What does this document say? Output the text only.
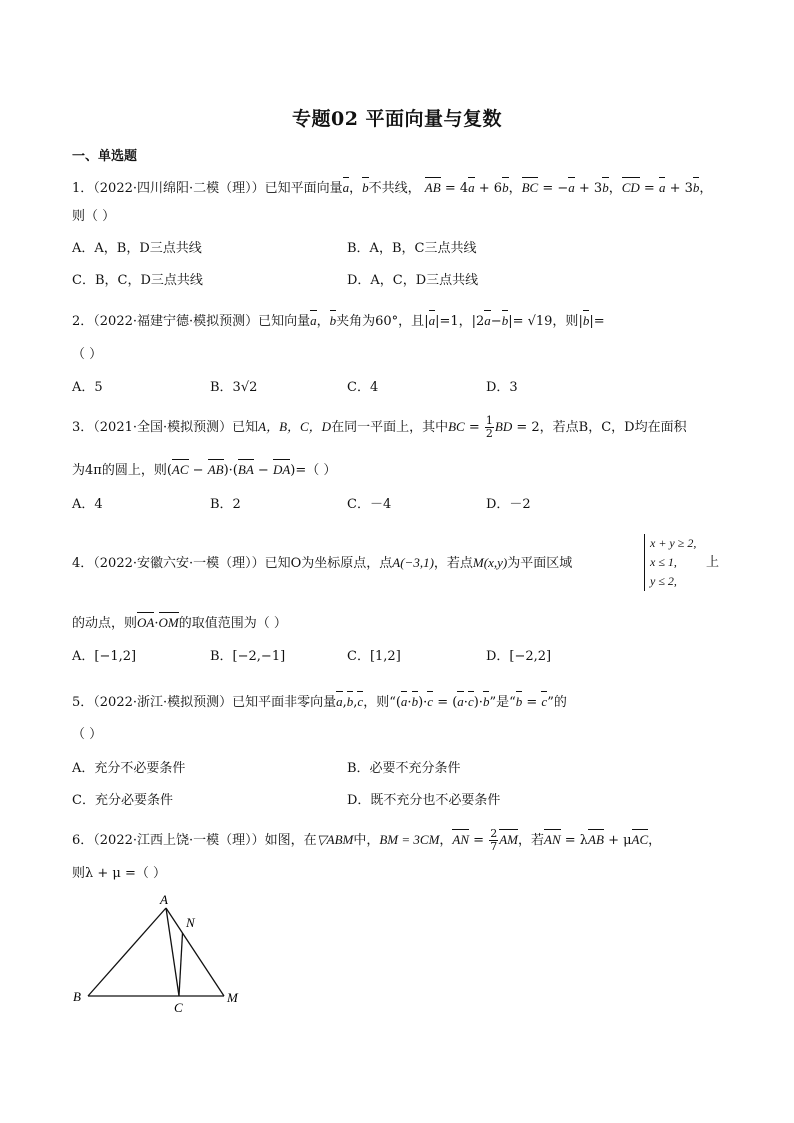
专题02 平面向量与复数
一、单选题
1．（2022·四川绵阳·二模（理））已知平面向量a，b不共线， AB = 4a + 6b，BC = −a + 3b，CD = a + 3b，
则（ ）
A．A，B，D三点共线	B．A，B，C三点共线
C．B，C，D三点共线	D．A，C，D三点共线
2．（2022·福建宁德·模拟预测）已知向量a，b夹角为60°，且|a|=1，|2a−b|= √19，则|b|=
（ ）
A．5	B．3√2	C．4	D．3
3．（2021·全国·模拟预测）已知A，B，C，D在同一平面上，其中BC = $\frac{1}{2}$ BD = 2，若点B，C，D均在面积
为4π的圆上，则(AC − AB)·(BA − DA)=（ ）
A．4	B．2	C．－4	D．－2
4．（2022·安徽六安·一模（理））已知O为坐标原点，点A(−3,1)，若点M(x,y)为平面区域
x + y ≥ 2,
x ≤ 1,
y ≤ 2,
上
的动点，则OA·OM的取值范围为（ ）
A．[−1,2]	B．[−2,−1]	C．[1,2]	D．[−2,2]
5．（2022·浙江·模拟预测）已知平面非零向量a,b,c，则“(a·b)·c = (a·c)·b”是“b = c”的
（ ）
A．充分不必要条件	B．必要不充分条件
C．充分必要条件	D．既不充分也不必要条件
6．（2022·江西上饶·一模（理））如图，在▽ABM中，BM = 3CM，AN = $\frac{2}{7}$ AM，若AN = λAB + μAC，
则λ + μ =（ ）
A
N
B
C
M
